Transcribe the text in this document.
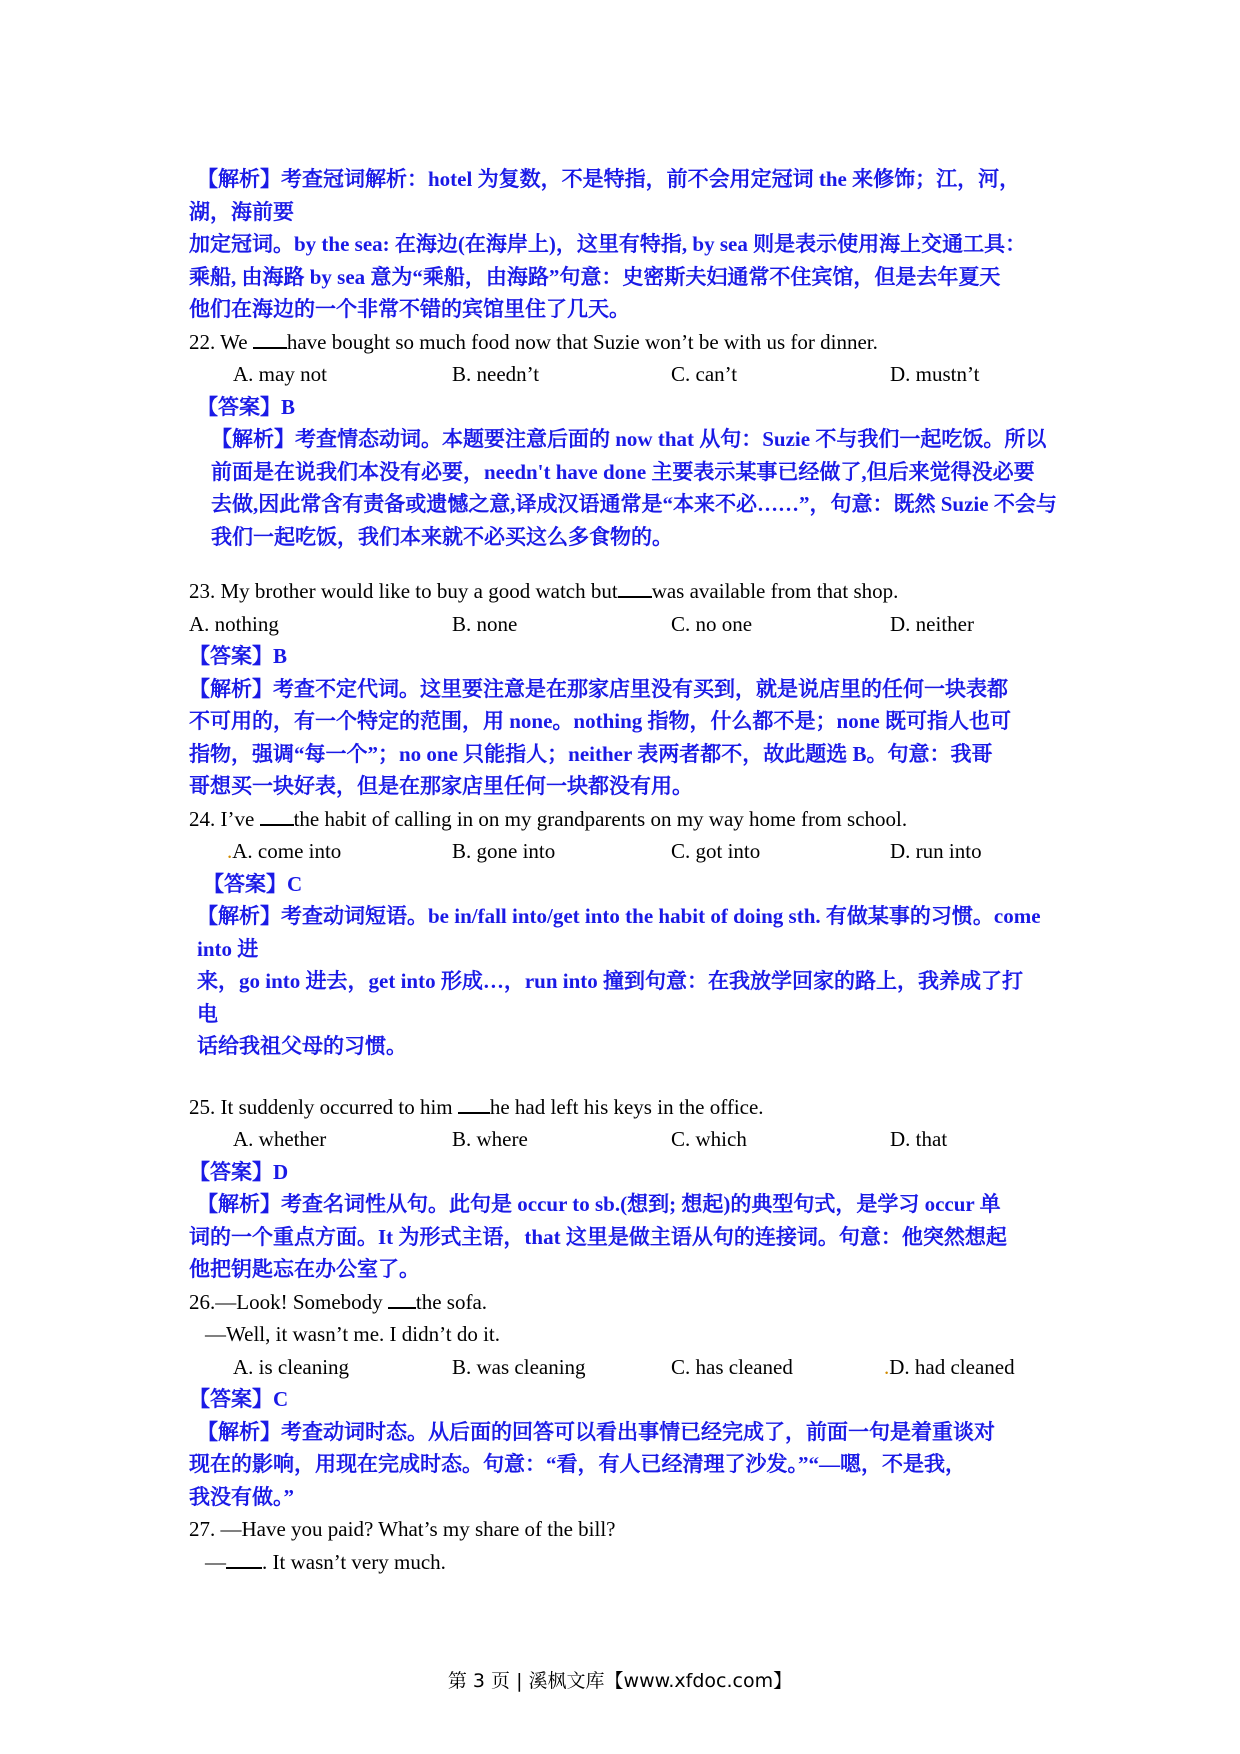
【解析】考查冠词解析：hotel 为复数，不是特指，前不会用定冠词 the 来修饰；江，河，

湖，海前要

加定冠词。by the sea: 在海边(在海岸上)，这里有特指, by sea 则是表示使用海上交通工具：

乘船, 由海路 by sea 意为“乘船，由海路”句意：史密斯夫妇通常不住宾馆，但是去年夏天

他们在海边的一个非常不错的宾馆里住了几天。

22. We have bought so much food now that Suzie won’t be with us for dinner.

A. may not	B. needn’t	C. can’t	D. mustn’t

【答案】B

【解析】考查情态动词。本题要注意后面的 now that 从句：Suzie 不与我们一起吃饭。所以

前面是在说我们本没有必要，needn't have done 主要表示某事已经做了,但后来觉得没必要

去做,因此常含有责备或遗憾之意,译成汉语通常是“本来不必……”，句意：既然 Suzie 不会与

我们一起吃饭，我们本来就不必买这么多食物的。

23. My brother would like to buy a good watch but was available from that shop.

A. nothing	B. none	C. no one	D. neither

【答案】B

【解析】考查不定代词。这里要注意是在那家店里没有买到，就是说店里的任何一块表都

不可用的，有一个特定的范围，用 none。nothing 指物，什么都不是；none 既可指人也可

指物，强调“每一个”；no one 只能指人；neither 表两者都不，故此题选 B。句意：我哥

哥想买一块好表，但是在那家店里任何一块都没有用。

24. I’ve the habit of calling in on my grandparents on my way home from school.

.A. come into	B. gone into	C. got into	D. run into

【答案】C

【解析】考查动词短语。be in/fall into/get into the habit of doing sth. 有做某事的习惯。come

into 进

来，go into 进去，get into 形成…，run into 撞到句意：在我放学回家的路上，我养成了打

电

话给我祖父母的习惯。

25. It suddenly occurred to him he had left his keys in the office.

A. whether	B. where	C. which	D. that

【答案】D

【解析】考查名词性从句。此句是 occur to sb.(想到; 想起)的典型句式，是学习 occur 单

词的一个重点方面。It 为形式主语，that 这里是做主语从句的连接词。句意：他突然想起

他把钥匙忘在办公室了。

26.—Look! Somebody the sofa.

—Well, it wasn’t me. I didn’t do it.

A. is cleaning	B. was cleaning	C. has cleaned	.D. had cleaned

【答案】C

【解析】考查动词时态。从后面的回答可以看出事情已经完成了，前面一句是着重谈对

现在的影响，用现在完成时态。句意：“看，有人已经清理了沙发。”“—嗯，不是我，

我没有做。”

27. —Have you paid? What’s my share of the bill?

— . It wasn’t very much.

第 3 页 | 溪枫文库【www.xfdoc.com】
